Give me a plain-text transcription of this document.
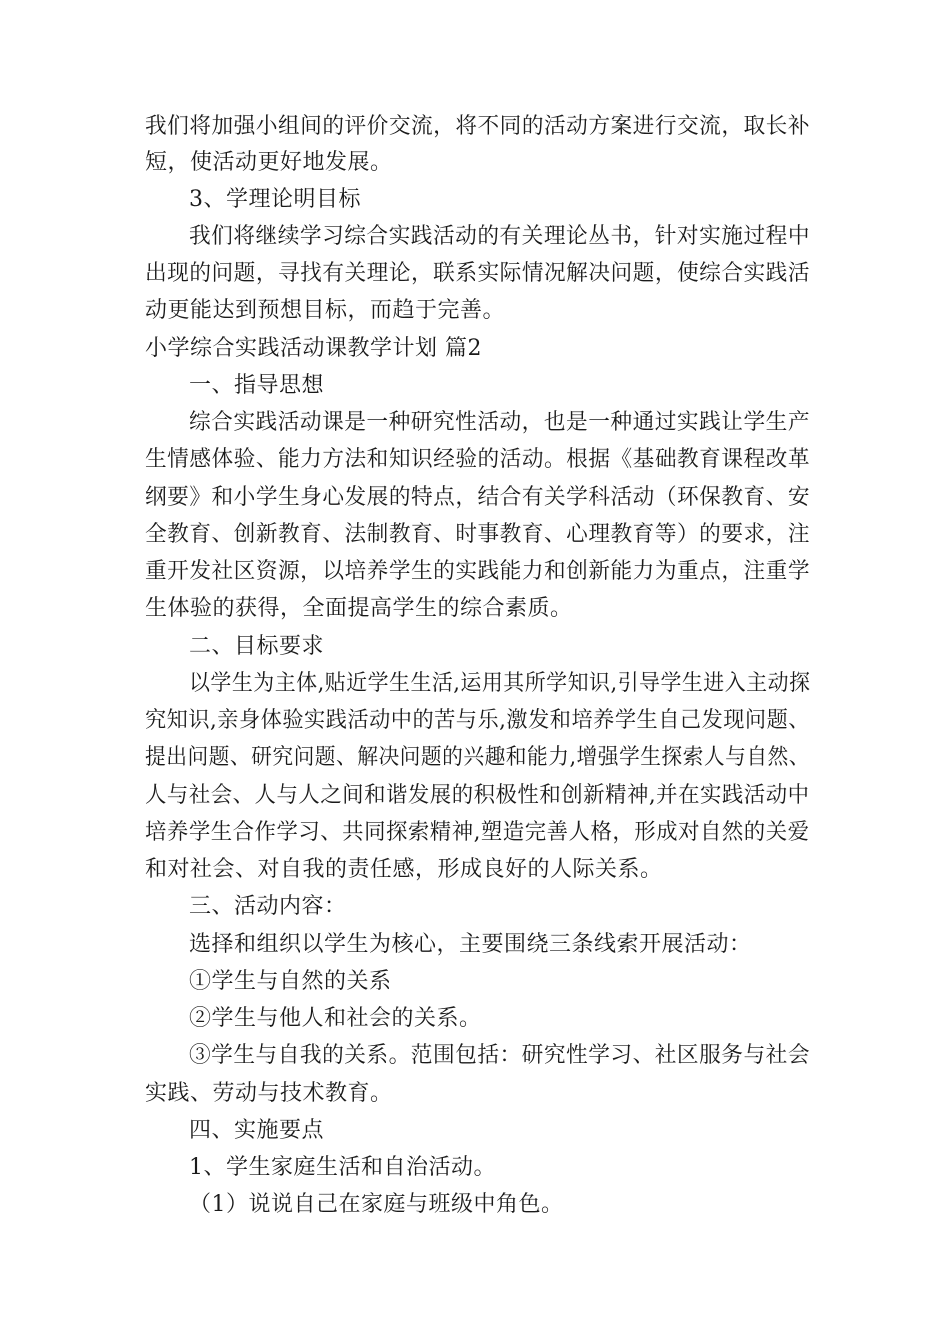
我们将加强小组间的评价交流，将不同的活动方案进行交流，取长补
短，使活动更好地发展。
3、学理论明目标
我们将继续学习综合实践活动的有关理论丛书，针对实施过程中
出现的问题，寻找有关理论，联系实际情况解决问题，使综合实践活
动更能达到预想目标，而趋于完善。
小学综合实践活动课教学计划 篇2
一、指导思想
综合实践活动课是一种研究性活动，也是一种通过实践让学生产
生情感体验、能力方法和知识经验的活动。根据《基础教育课程改革
纲要》和小学生身心发展的特点，结合有关学科活动（环保教育、安
全教育、创新教育、法制教育、时事教育、心理教育等）的要求，注
重开发社区资源，以培养学生的实践能力和创新能力为重点，注重学
生体验的获得，全面提高学生的综合素质。
二、目标要求
以学生为主体,贴近学生生活,运用其所学知识,引导学生进入主动探
究知识,亲身体验实践活动中的苦与乐,激发和培养学生自己发现问题、
提出问题、研究问题、解决问题的兴趣和能力,增强学生探索人与自然、
人与社会、人与人之间和谐发展的积极性和创新精神,并在实践活动中
培养学生合作学习、共同探索精神,塑造完善人格，形成对自然的关爱
和对社会、对自我的责任感，形成良好的人际关系。
三、活动内容：
选择和组织以学生为核心，主要围绕三条线索开展活动：
①学生与自然的关系
②学生与他人和社会的关系。
③学生与自我的关系。范围包括：研究性学习、社区服务与社会
实践、劳动与技术教育。
四、实施要点
1、学生家庭生活和自治活动。
（1）说说自己在家庭与班级中角色。
